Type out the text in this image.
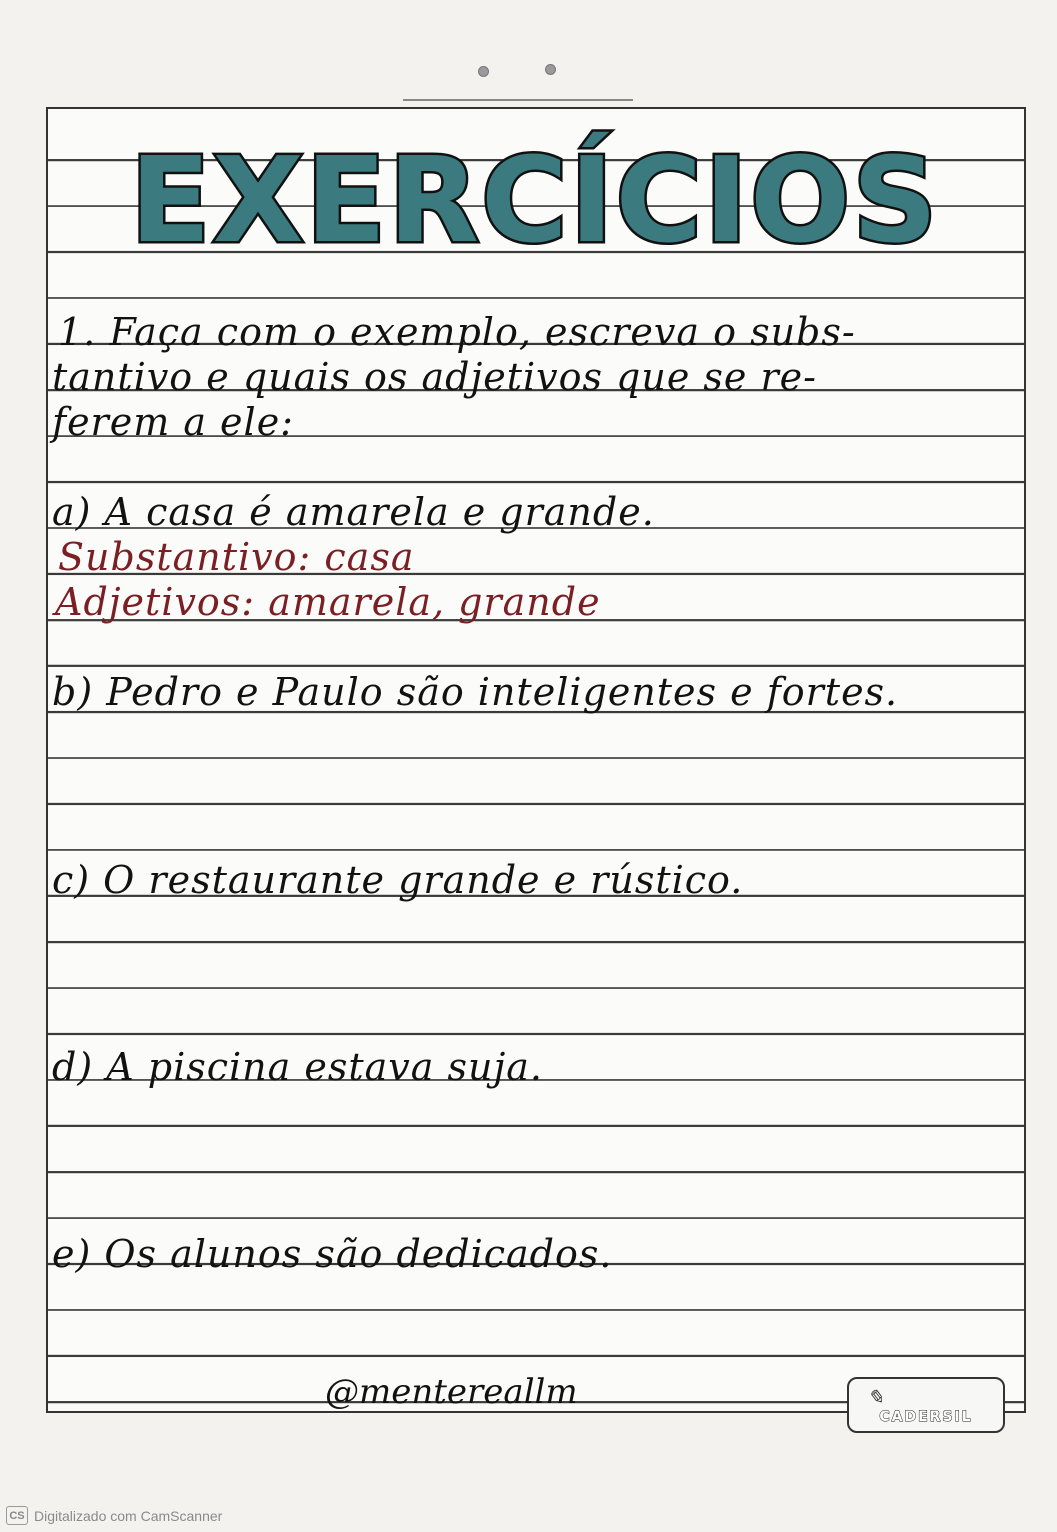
EXERCÍCIOS
1. Faça com o exemplo, escreva o subs-
tantivo e quais os adjetivos que se re-
ferem a ele:
a) A casa é amarela e grande.
Substantivo: casa
Adjetivos: amarela, grande
b) Pedro e Paulo são inteligentes e fortes.
c) O restaurante grande e rústico.
d) A piscina estava suja.
e) Os alunos são dedicados.
@mentereallm	✎
CADERSIL
CS Digitalizado com CamScanner
